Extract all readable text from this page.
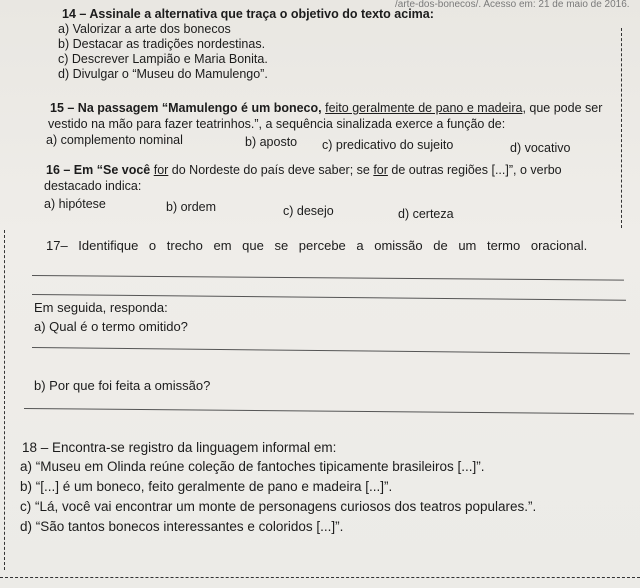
/arte-dos-bonecos/. Acesso em: 21 de maio de 2016.
14 – Assinale a alternativa que traça o objetivo do texto acima:
a) Valorizar a arte dos bonecos
b) Destacar as tradições nordestinas.
c) Descrever Lampião e Maria Bonita.
d) Divulgar o “Museu do Mamulengo”.
15 – Na passagem “Mamulengo é um boneco, feito geralmente de pano e madeira, que pode ser
vestido na mão para fazer teatrinhos.”, a sequência sinalizada exerce a função de:
a) complemento nominal	b) aposto c) predicativo do sujeito	d) vocativo
16 – Em “Se você for do Nordeste do país deve saber; se for de outras regiões [...]”, o verbo
destacado indica:
a) hipótese	b) ordem	c) desejo	d) certeza
17– Identifique o trecho em que se percebe a omissão de um termo oracional.
Em seguida, responda:
a) Qual é o termo omitido?
b) Por que foi feita a omissão?
18 – Encontra-se registro da linguagem informal em:
a) “Museu em Olinda reúne coleção de fantoches tipicamente brasileiros [...]”.
b) “[...] é um boneco, feito geralmente de pano e madeira [...]”.
c) “Lá, você vai encontrar um monte de personagens curiosos dos teatros populares.”.
d) “São tantos bonecos interessantes e coloridos [...]”.
